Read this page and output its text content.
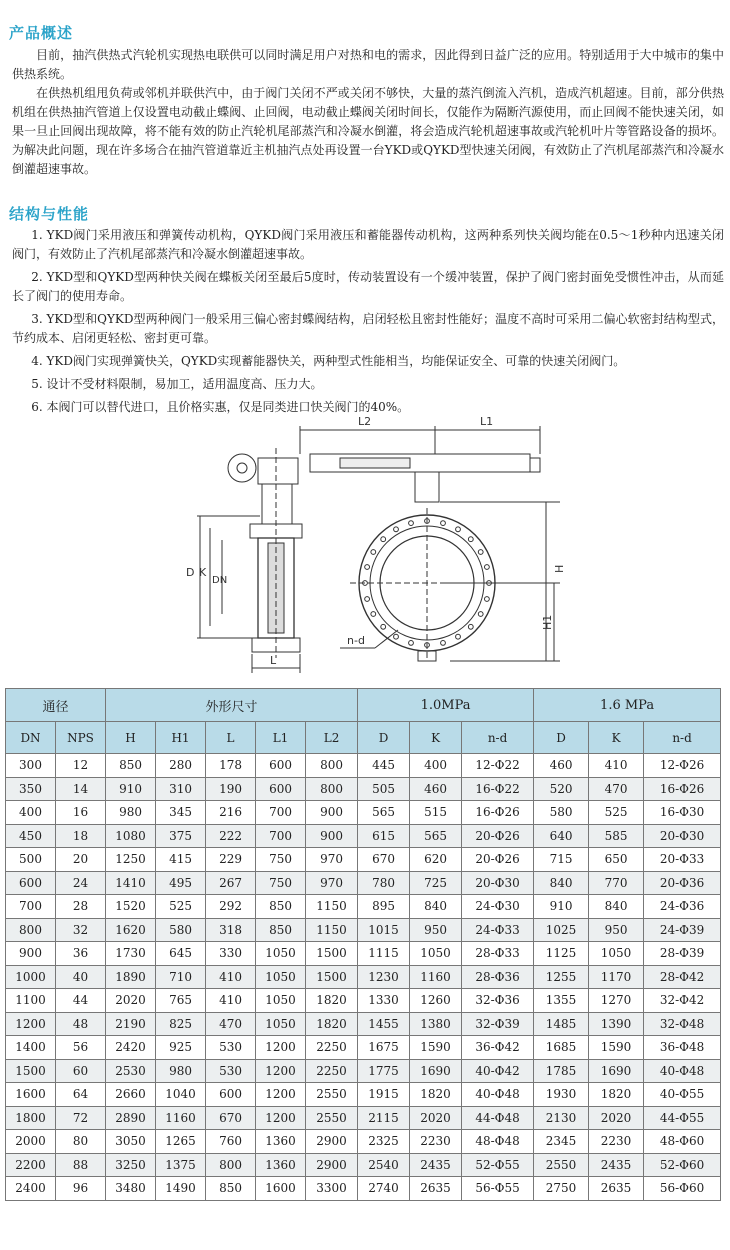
产品概述

目前，抽汽供热式汽轮机实现热电联供可以同时满足用户对热和电的需求，因此得到日益广泛的应用。特别适用于大中城市的集中供热系统。

在供热机组甩负荷或邻机并联供汽中，由于阀门关闭不严或关闭不够快，大量的蒸汽倒流入汽机，造成汽机超速。目前，部分供热机组在供热抽汽管道上仅设置电动截止蝶阀、止回阀，电动截止蝶阀关闭时间长，仅能作为隔断汽源使用，而止回阀不能快速关闭，如果一旦止回阀出现故障，将不能有效的防止汽轮机尾部蒸汽和冷凝水倒灌，将会造成汽轮机超速事故或汽轮机叶片等管路设备的损坏。为解决此问题，现在许多场合在抽汽管道靠近主机抽汽点处再设置一台YKD或QYKD型快速关闭阀，有效防止了汽机尾部蒸汽和冷凝水倒灌超速事故。

结构与性能

1. YKD阀门采用液压和弹簧传动机构，QYKD阀门采用液压和蓄能器传动机构，这两种系列快关阀均能在0.5～1秒种内迅速关闭阀门，有效防止了汽机尾部蒸汽和冷凝水倒灌超速事故。

2. YKD型和QYKD型两种快关阀在蝶板关闭至最后5度时，传动装置设有一个缓冲装置，保护了阀门密封面免受惯性冲击，从而延长了阀门的使用寿命。

3. YKD型和QYKD型两种阀门一般采用三偏心密封蝶阀结构，启闭轻松且密封性能好；温度不高时可采用二偏心软密封结构型式，节约成本、启闭更轻松、密封更可靠。

4. YKD阀门实现弹簧快关，QYKD实现蓄能器快关，两种型式性能相当，均能保证安全、可靠的快速关闭阀门。

5. 设计不受材料限制，易加工，适用温度高、压力大。

6. 本阀门可以替代进口，且价格实惠，仅是同类进口快关阀门的40%。

D K
DN
L
L2	L1
H
H1
n-d
通径		外形尺寸					1.0MPa			1.6 MPa		
DN	NPS	H	H1	L	L1	L2	D	K	n-d	D	K	n-d
300	12	850	280	178	600	800	445	400	12-Φ22	460	410	12-Φ26
350	14	910	310	190	600	800	505	460	16-Φ22	520	470	16-Φ26
400	16	980	345	216	700	900	565	515	16-Φ26	580	525	16-Φ30
450	18	1080	375	222	700	900	615	565	20-Φ26	640	585	20-Φ30
500	20	1250	415	229	750	970	670	620	20-Φ26	715	650	20-Φ33
600	24	1410	495	267	750	970	780	725	20-Φ30	840	770	20-Φ36
700	28	1520	525	292	850	1150	895	840	24-Φ30	910	840	24-Φ36
800	32	1620	580	318	850	1150	1015	950	24-Φ33	1025	950	24-Φ39
900	36	1730	645	330	1050	1500	1115	1050	28-Φ33	1125	1050	28-Φ39
1000	40	1890	710	410	1050	1500	1230	1160	28-Φ36	1255	1170	28-Φ42
1100	44	2020	765	410	1050	1820	1330	1260	32-Φ36	1355	1270	32-Φ42
1200	48	2190	825	470	1050	1820	1455	1380	32-Φ39	1485	1390	32-Φ48
1400	56	2420	925	530	1200	2250	1675	1590	36-Φ42	1685	1590	36-Φ48
1500	60	2530	980	530	1200	2250	1775	1690	40-Φ42	1785	1690	40-Φ48
1600	64	2660	1040	600	1200	2550	1915	1820	40-Φ48	1930	1820	40-Φ55
1800	72	2890	1160	670	1200	2550	2115	2020	44-Φ48	2130	2020	44-Φ55
2000	80	3050	1265	760	1360	2900	2325	2230	48-Φ48	2345	2230	48-Φ60
2200	88	3250	1375	800	1360	2900	2540	2435	52-Φ55	2550	2435	52-Φ60
2400	96	3480	1490	850	1600	3300	2740	2635	56-Φ55	2750	2635	56-Φ60
